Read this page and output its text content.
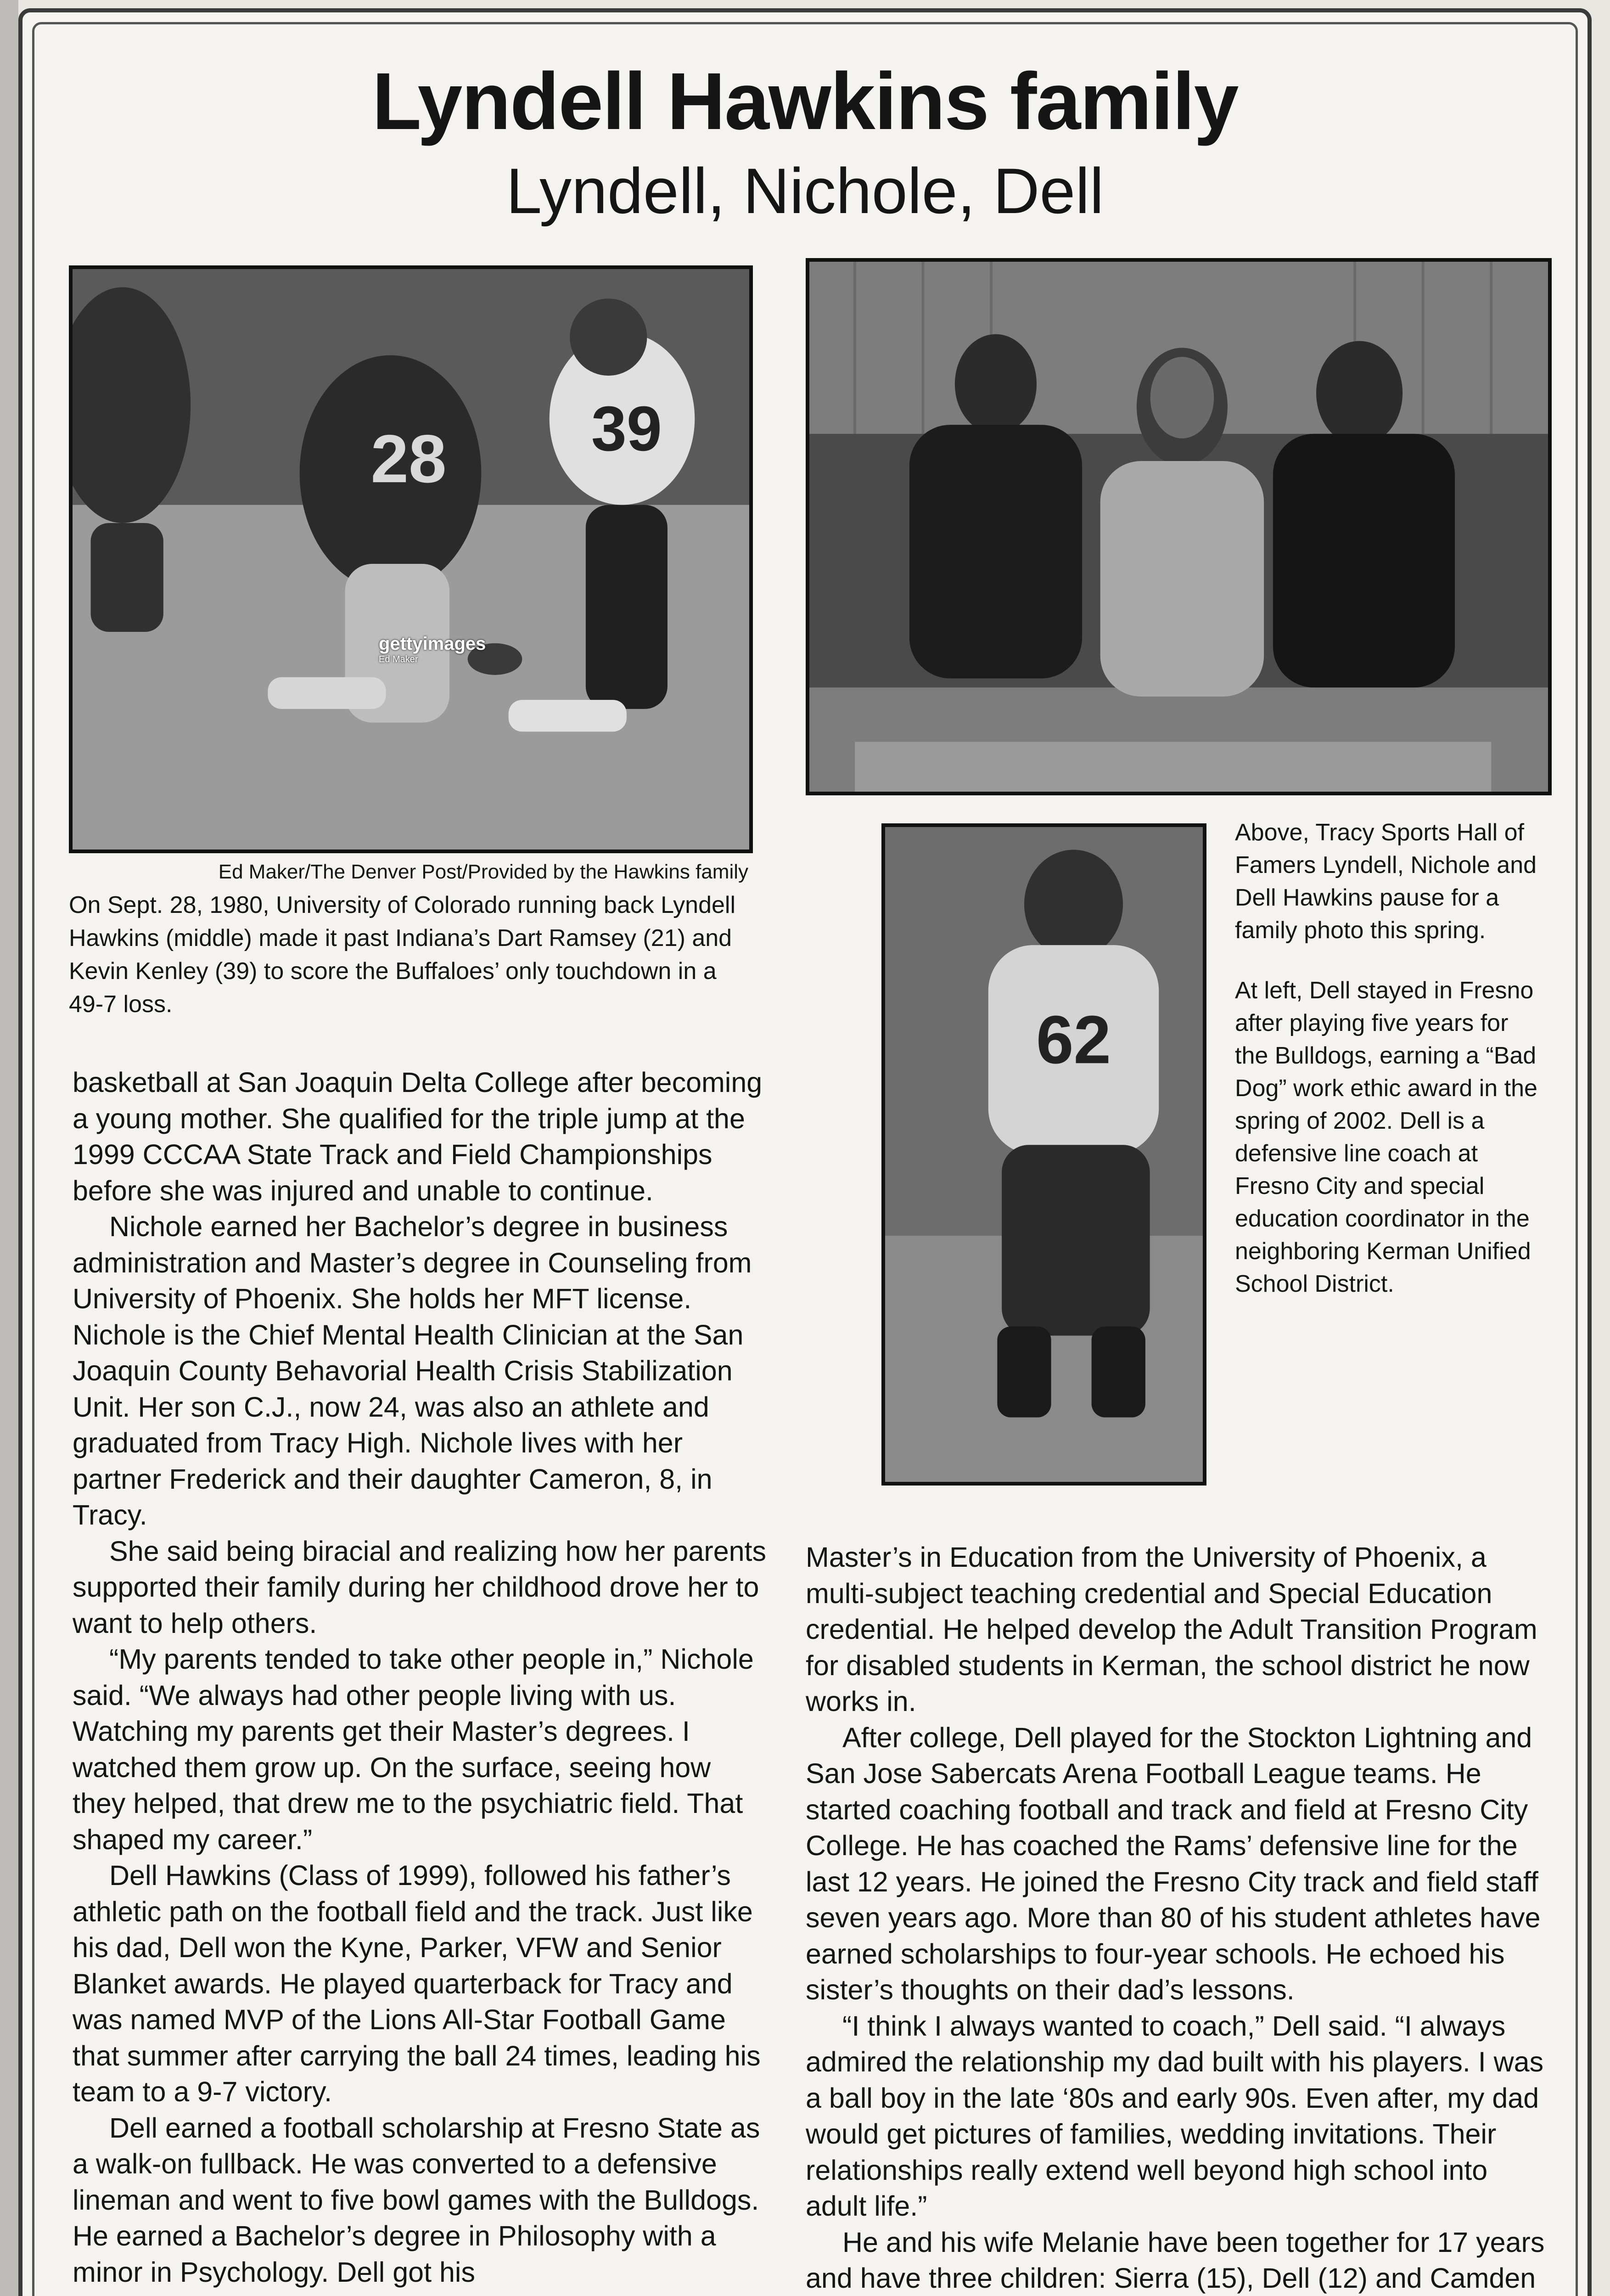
Lyndell Hawkins family
Lyndell, Nichole, Dell
28 39
gettyimages
Ed Maker
62
Ed Maker/The Denver Post/Provided by the Hawkins family
On Sept. 28, 1980, University of Colorado running back Lyndell Hawkins (middle) made it past Indiana’s Dart Ramsey (21) and Kevin Kenley (39) to score the Buffaloes’ only touchdown in a 49-7 loss.

Above, Tracy Sports Hall of Famers Lyndell, Nichole and Dell Hawkins pause for a family photo this spring.

At left, Dell stayed in Fresno after playing five years for the Bulldogs, earning a “Bad Dog” work ethic award in the spring of 2002. Dell is a defensive line coach at Fresno City and special education coordinator in the neighboring Kerman Unified School District.

basketball at San Joaquin Delta College after becoming a young mother. She qualified for the triple jump at the 1999 CCCAA State Track and Field Championships before she was injured and unable to continue.

Nichole earned her Bachelor’s degree in business administration and Master’s degree in Counseling from University of Phoenix. She holds her MFT license. Nichole is the Chief Mental Health Clinician at the San Joaquin County Behavorial Health Crisis Stabilization Unit. Her son C.J., now 24, was also an athlete and graduated from Tracy High. Nichole lives with her partner Frederick and their daughter Cameron, 8, in Tracy.

She said being biracial and realizing how her parents supported their family during her childhood drove her to want to help others.

“My parents tended to take other people in,” Nichole said. “We always had other people living with us. Watching my parents get their Master’s degrees. I watched them grow up. On the surface, seeing how they helped, that drew me to the psychiatric field. That shaped my career.”

Dell Hawkins (Class of 1999), followed his father’s athletic path on the football field and the track. Just like his dad, Dell won the Kyne, Parker, VFW and Senior Blanket awards. He played quarterback for Tracy and was named MVP of the Lions All-Star Football Game that summer after carrying the ball 24 times, leading his team to a 9-7 victory.

Dell earned a football scholarship at Fresno State as a walk-on fullback. He was converted to a defensive lineman and went to five bowl games with the Bulldogs. He earned a Bachelor’s degree in Philosophy with a minor in Psychology. Dell got his

Master’s in Education from the University of Phoenix, a multi-subject teaching credential and Special Education credential. He helped develop the Adult Transition Program for disabled students in Kerman, the school district he now works in.

After college, Dell played for the Stockton Lightning and San Jose Sabercats Arena Football League teams. He started coaching football and track and field at Fresno City College. He has coached the Rams’ defensive line for the last 12 years. He joined the Fresno City track and field staff seven years ago. More than 80 of his student athletes have earned scholarships to four-year schools. He echoed his sister’s thoughts on their dad’s lessons.

“I think I always wanted to coach,” Dell said. “I always admired the relationship my dad built with his players. I was a ball boy in the late ‘80s and early 90s. Even after, my dad would get pictures of families, wedding invitations. Their relationships really extend well beyond high school into adult life.”

He and his wife Melanie have been together for 17 years and have three children: Sierra (15), Dell (12) and Camden
